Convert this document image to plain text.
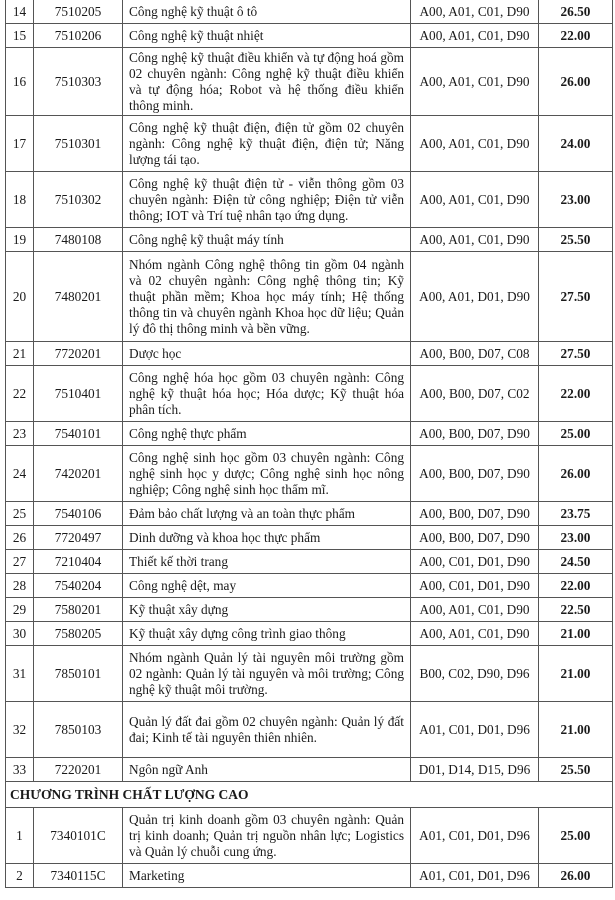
14	7510205	Công nghệ kỹ thuật ô tô	A00, A01, C01, D90	26.50
15	7510206	Công nghệ kỹ thuật nhiệt	A00, A01, C01, D90	22.00
16	7510303	Công nghệ kỹ thuật điều khiển và tự động hoá gồm 02 chuyên ngành: Công nghệ kỹ thuật điều khiển và tự động hóa; Robot và hệ thống điều khiển thông minh.	A00, A01, C01, D90	26.00
17	7510301	Công nghệ kỹ thuật điện, điện tử gồm 02 chuyên ngành: Công nghệ kỹ thuật điện, điện tử; Năng lượng tái tạo.	A00, A01, C01, D90	24.00
18	7510302	Công nghệ kỹ thuật điện tử - viễn thông gồm 03 chuyên ngành: Điện tử công nghiệp; Điện tử viễn thông; IOT và Trí tuệ nhân tạo ứng dụng.	A00, A01, C01, D90	23.00
19	7480108	Công nghệ kỹ thuật máy tính	A00, A01, C01, D90	25.50
20	7480201	Nhóm ngành Công nghệ thông tin gồm 04 ngành và 02 chuyên ngành: Công nghệ thông tin; Kỹ thuật phần mềm; Khoa học máy tính; Hệ thống thông tin và chuyên ngành Khoa học dữ liệu; Quản lý đô thị thông minh và bền vững.	A00, A01, D01, D90	27.50
21	7720201	Dược học	A00, B00, D07, C08	27.50
22	7510401	Công nghệ hóa học gồm 03 chuyên ngành: Công nghệ kỹ thuật hóa học; Hóa dược; Kỹ thuật hóa phân tích.	A00, B00, D07, C02	22.00
23	7540101	Công nghệ thực phẩm	A00, B00, D07, D90	25.00
24	7420201	Công nghệ sinh học gồm 03 chuyên ngành: Công nghệ sinh học y dược; Công nghệ sinh học nông nghiệp; Công nghệ sinh học thẩm mĩ.	A00, B00, D07, D90	26.00
25	7540106	Đảm bảo chất lượng và an toàn thực phẩm	A00, B00, D07, D90	23.75
26	7720497	Dinh dưỡng và khoa học thực phẩm	A00, B00, D07, D90	23.00
27	7210404	Thiết kế thời trang	A00, C01, D01, D90	24.50
28	7540204	Công nghệ dệt, may	A00, C01, D01, D90	22.00
29	7580201	Kỹ thuật xây dựng	A00, A01, C01, D90	22.50
30	7580205	Kỹ thuật xây dựng công trình giao thông	A00, A01, C01, D90	21.00
31	7850101	Nhóm ngành Quản lý tài nguyên môi trường gồm 02 ngành: Quản lý tài nguyên và môi trường; Công nghệ kỹ thuật môi trường.	B00, C02, D90, D96	21.00
32	7850103	Quản lý đất đai gồm 02 chuyên ngành: Quản lý đất đai; Kinh tế tài nguyên thiên nhiên.	A01, C01, D01, D96	21.00
33	7220201	Ngôn ngữ Anh	D01, D14, D15, D96	25.50
CHƯƠNG TRÌNH CHẤT LƯỢNG CAO				
1	7340101C	Quản trị kinh doanh gồm 03 chuyên ngành: Quản trị kinh doanh; Quản trị nguồn nhân lực; Logistics và Quản lý chuỗi cung ứng.	A01, C01, D01, D96	25.00
2	7340115C	Marketing	A01, C01, D01, D96	26.00
